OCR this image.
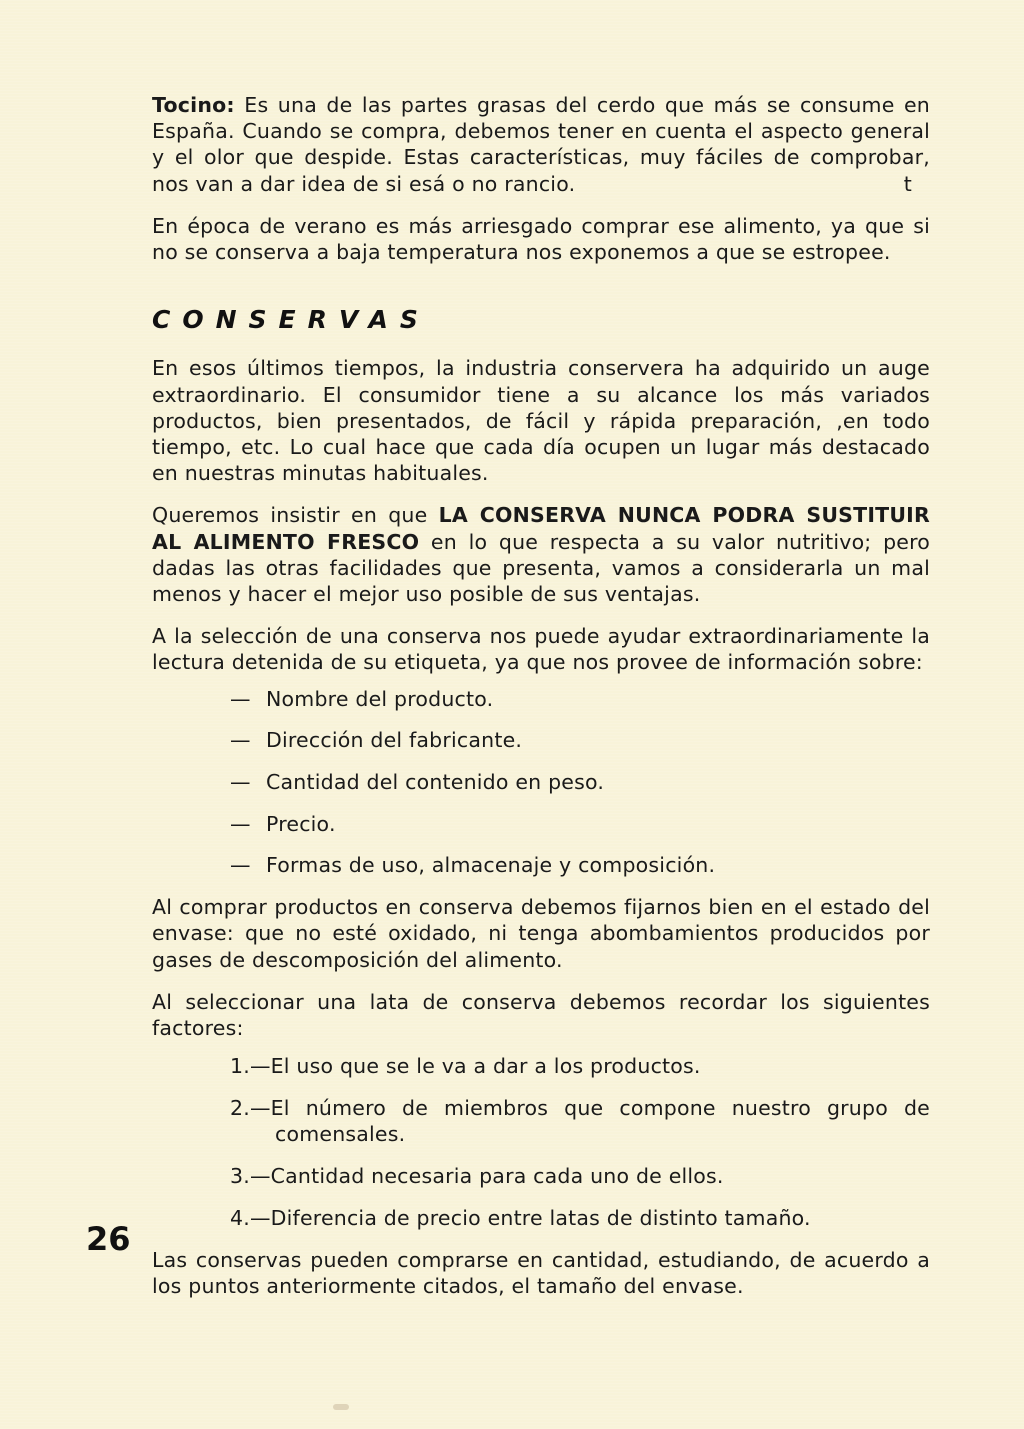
Tocino: Es una de las partes grasas del cerdo que más se consume en España. Cuando se compra, debemos tener en cuenta el aspecto general y el olor que despide. Estas características, muy fáciles de comprobar, nos van a dar idea de si esá o no rancio.	t

En época de verano es más arriesgado comprar ese alimento, ya que si no se conserva a baja temperatura nos exponemos a que se estropee.

CONSERVAS

En esos últimos tiempos, la industria conservera ha adquirido un auge extraordinario. El consumidor tiene a su alcance los más variados productos, bien presentados, de fácil y rápida preparación, ,en todo tiempo, etc. Lo cual hace que cada día ocupen un lugar más destacado en nuestras minutas habituales.

Queremos insistir en que LA CONSERVA NUNCA PODRA SUSTITUIR AL ALIMENTO FRESCO en lo que respecta a su valor nutritivo; pero dadas las otras facilidades que presenta, vamos a considerarla un mal menos y hacer el mejor uso posible de sus ventajas.

A la selección de una conserva nos puede ayudar extraordinariamente la lectura detenida de su etiqueta, ya que nos provee de información sobre:

— Nombre del producto.
— Dirección del fabricante.
— Cantidad del contenido en peso.
— Precio.
— Formas de uso, almacenaje y composición.

Al comprar productos en conserva debemos fijarnos bien en el estado del envase: que no esté oxidado, ni tenga abombamientos producidos por gases de descomposición del alimento.

Al seleccionar una lata de conserva debemos recordar los siguientes factores:

1.—El uso que se le va a dar a los productos.
2.—El número de miembros que compone nuestro grupo de comensales.
3.—Cantidad necesaria para cada uno de ellos.
4.—Diferencia de precio entre latas de distinto tamaño.

Las conservas pueden comprarse en cantidad, estudiando, de acuerdo a los puntos anteriormente citados, el tamaño del envase.

26
